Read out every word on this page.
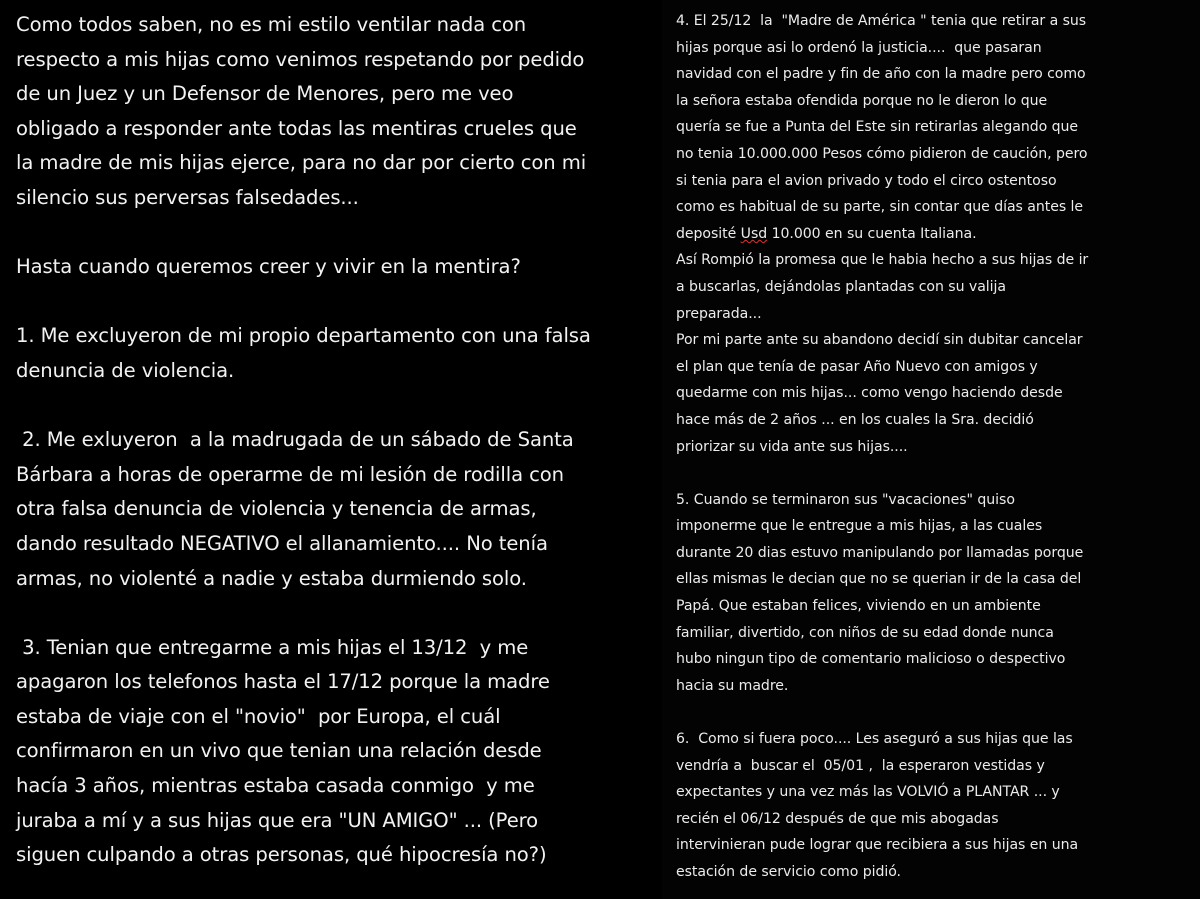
Como todos saben, no es mi estilo ventilar nada con
respecto a mis hijas como venimos respetando por pedido
de un Juez y un Defensor de Menores, pero me veo
obligado a responder ante todas las mentiras crueles que
la madre de mis hijas ejerce, para no dar por cierto con mi
silencio sus perversas falsedades...
Hasta cuando queremos creer y vivir en la mentira?
1. Me excluyeron de mi propio departamento con una falsa
denuncia de violencia.
2. Me exluyeron  a la madrugada de un sábado de Santa
Bárbara a horas de operarme de mi lesión de rodilla con
otra falsa denuncia de violencia y tenencia de armas,
dando resultado NEGATIVO el allanamiento.... No tenía
armas, no violenté a nadie y estaba durmiendo solo.
3. Tenian que entregarme a mis hijas el 13/12  y me
apagaron los telefonos hasta el 17/12 porque la madre
estaba de viaje con el "novio"  por Europa, el cuál
confirmaron en un vivo que tenian una relación desde
hacía 3 años, mientras estaba casada conmigo  y me
juraba a mí y a sus hijas que era "UN AMIGO" ... (Pero
siguen culpando a otras personas, qué hipocresía no?)
4. El 25/12  la  "Madre de América " tenia que retirar a sus
hijas porque asi lo ordenó la justicia....  que pasaran
navidad con el padre y fin de año con la madre pero como
la señora estaba ofendida porque no le dieron lo que
quería se fue a Punta del Este sin retirarlas alegando que
no tenia 10.000.000 Pesos cómo pidieron de caución, pero
si tenia para el avion privado y todo el circo ostentoso
como es habitual de su parte, sin contar que días antes le
deposité Usd 10.000 en su cuenta Italiana.
Así Rompió la promesa que le habia hecho a sus hijas de ir
a buscarlas, dejándolas plantadas con su valija
preparada...
Por mi parte ante su abandono decidí sin dubitar cancelar
el plan que tenía de pasar Año Nuevo con amigos y
quedarme con mis hijas... como vengo haciendo desde
hace más de 2 años ... en los cuales la Sra. decidió
priorizar su vida ante sus hijas....
5. Cuando se terminaron sus "vacaciones" quiso
imponerme que le entregue a mis hijas, a las cuales
durante 20 dias estuvo manipulando por llamadas porque
ellas mismas le decian que no se querian ir de la casa del
Papá. Que estaban felices, viviendo en un ambiente
familiar, divertido, con niños de su edad donde nunca
hubo ningun tipo de comentario malicioso o despectivo
hacia su madre.
6.  Como si fuera poco.... Les aseguró a sus hijas que las
vendría a  buscar el  05/01 ,  la esperaron vestidas y
expectantes y una vez más las VOLVIÓ a PLANTAR ... y
recién el 06/12 después de que mis abogadas
intervinieran pude lograr que recibiera a sus hijas en una
estación de servicio como pidió.
